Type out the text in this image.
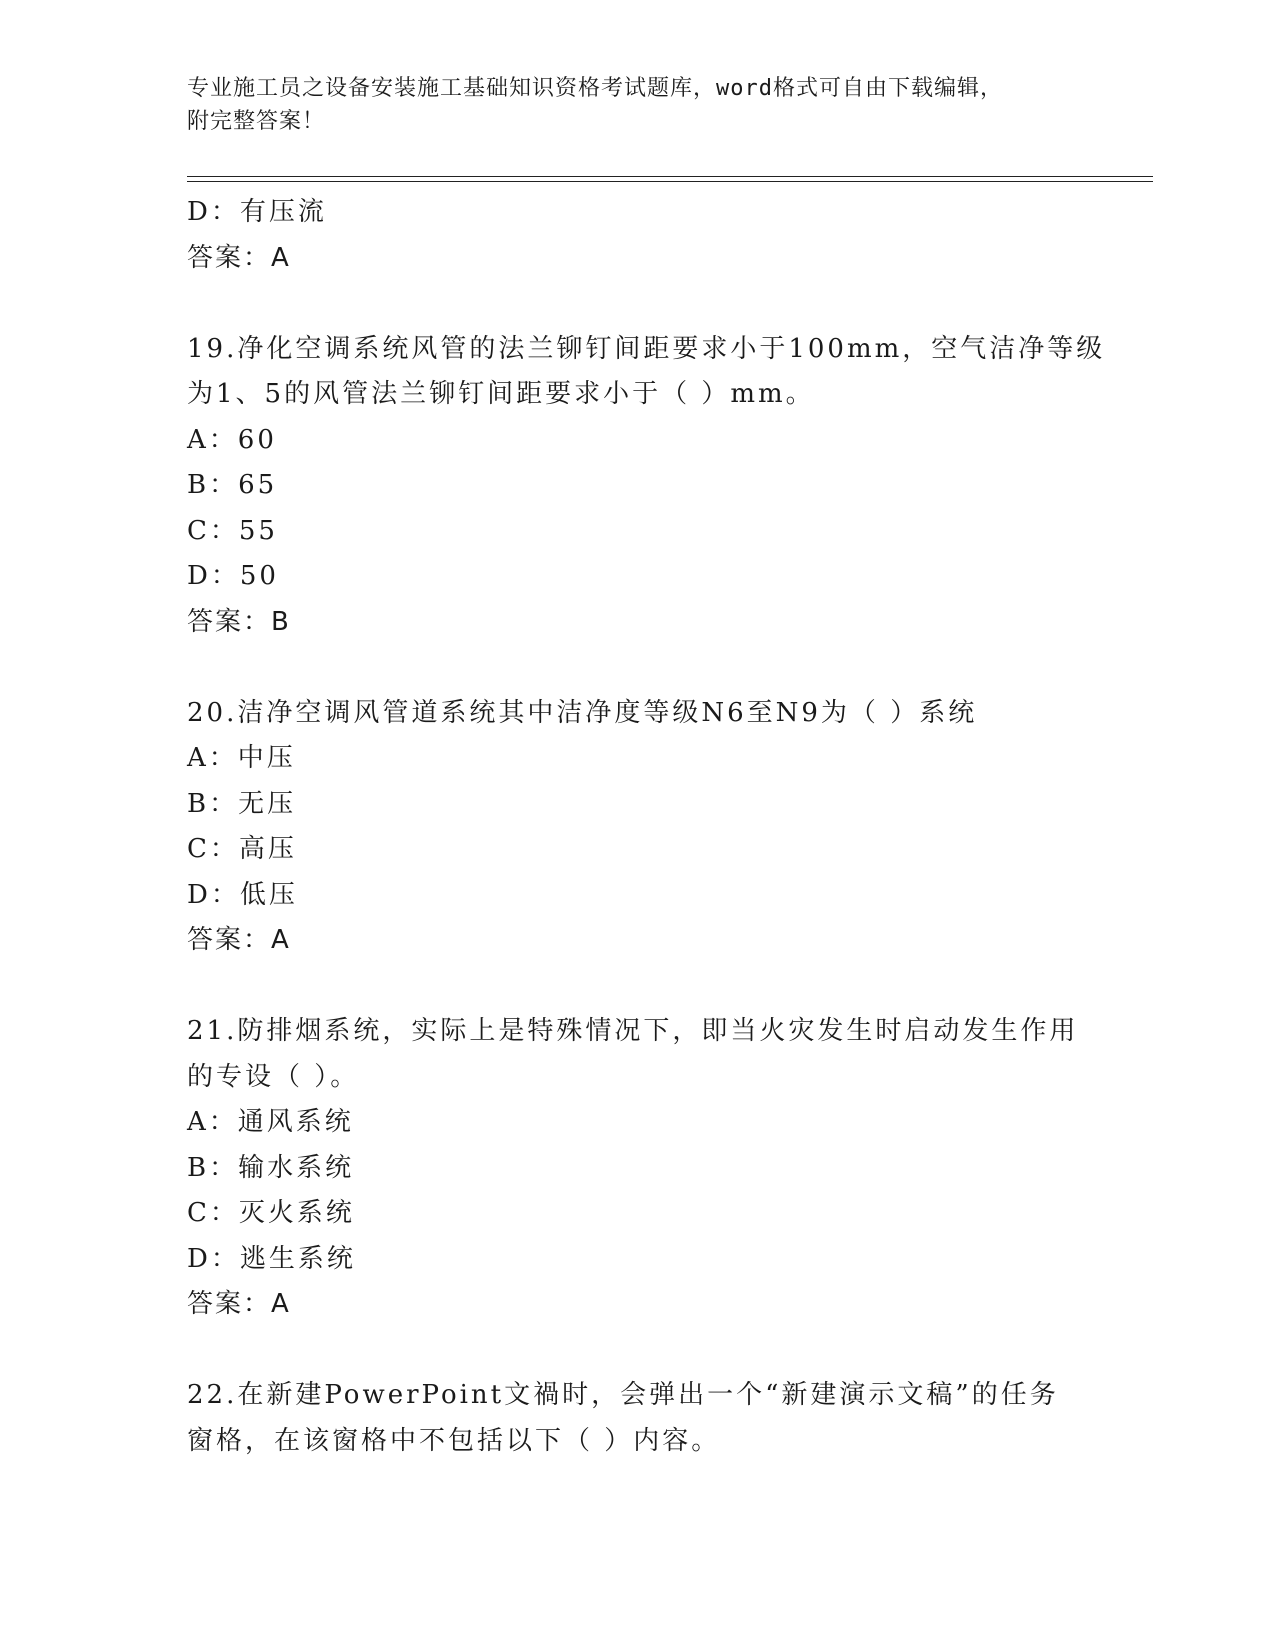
专业施工员之设备安装施工基础知识资格考试题库，word格式可自由下载编辑，
附完整答案！
D：有压流
答案：A
19.净化空调系统风管的法兰铆钉间距要求小于100mm，空气洁净等级
为1、5的风管法兰铆钉间距要求小于（ ）mm。
A：60
B：65
C：55
D：50
答案：B
20.洁净空调风管道系统其中洁净度等级N6至N9为（ ）系统
A：中压
B：无压
C：高压
D：低压
答案：A
21.防排烟系统，实际上是特殊情况下，即当火灾发生时启动发生作用
的专设（ ）。
A：通风系统
B：输水系统
C：灭火系统
D：逃生系统
答案：A
22.在新建PowerPoint文禍时，会弹出一个“新建演示文稿”的任务
窗格，在该窗格中不包括以下（ ）内容。
